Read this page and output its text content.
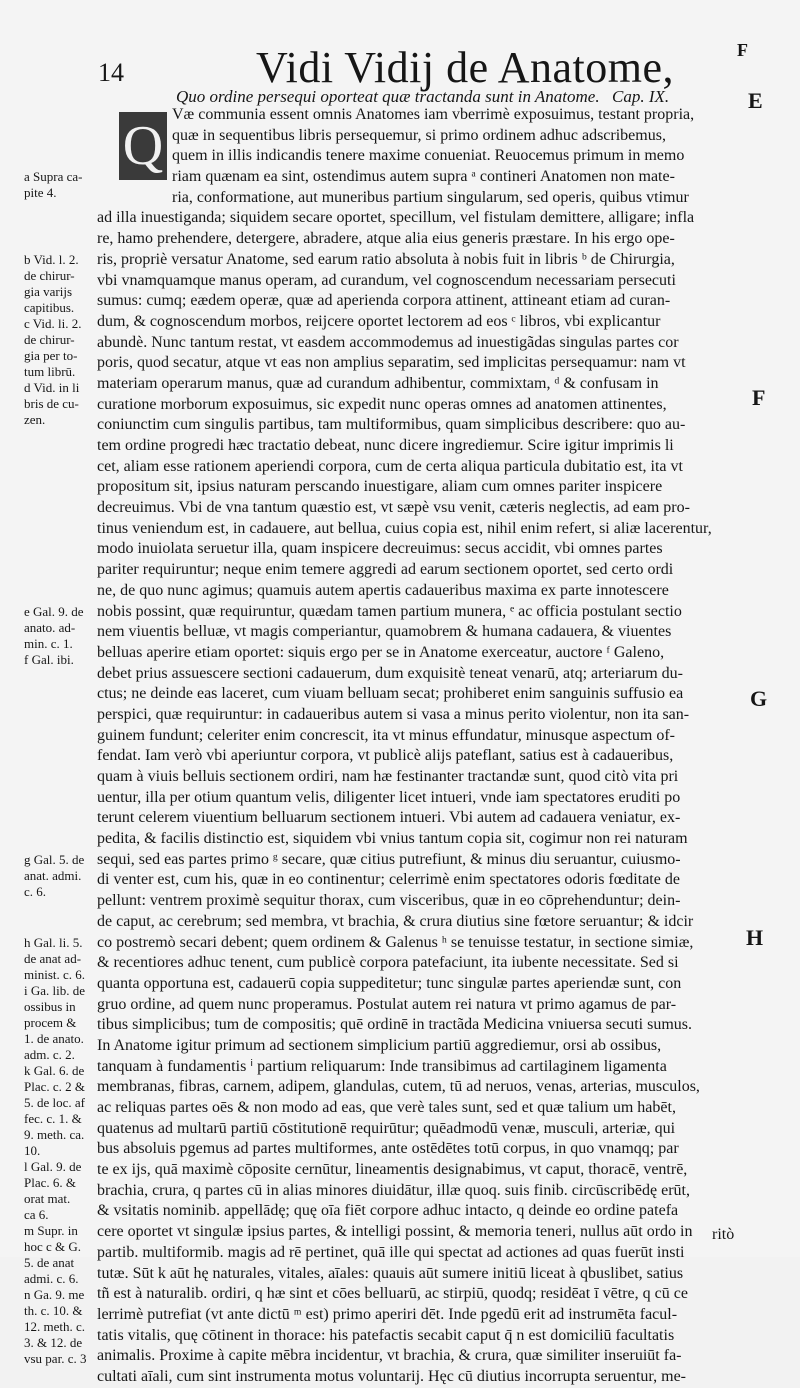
14	Vidi Vidij de Anatome,	F
E
F
G
H
Quo ordine persequi oporteat quæ tractanda sunt in Anatome. Cap. IX.
Q
Væ communia essent omnis Anatomes iam vberrimè exposuimus, testant propria,
quæ in sequentibus libris persequemur, si primo ordinem adhuc adscribemus,
quem in illis indicandis tenere maxime conueniat. Reuocemus primum in memo
riam quænam ea sint, ostendimus autem supra ᵃ contineri Anatomen non mate-
ria, conformatione, aut muneribus partium singularum, sed operis, quibus vtimur
ad illa inuestiganda; siquidem secare oportet, specillum, vel fistulam demittere, alligare; infla
re, hamo prehendere, detergere, abradere, atque alia eius generis præstare. In his ergo ope-
ris, propriè versatur Anatome, sed earum ratio absoluta à nobis fuit in libris ᵇ de Chirurgia,
vbi vnamquamque manus operam, ad curandum, vel cognoscendum necessariam persecuti
sumus: cumq; eædem operæ, quæ ad aperienda corpora attinent, attineant etiam ad curan-
dum, & cognoscendum morbos, reijcere oportet lectorem ad eos ᶜ libros, vbi explicantur
abundè. Nunc tantum restat, vt easdem accommodemus ad inuestigãdas singulas partes cor
poris, quod secatur, atque vt eas non amplius separatim, sed implicitas persequamur: nam vt
materiam operarum manus, quæ ad curandum adhibentur, commixtam, ᵈ & confusam in
curatione morborum exposuimus, sic expedit nunc operas omnes ad anatomen attinentes,
coniunctim cum singulis partibus, tam multiformibus, quam simplicibus describere: quo au-
tem ordine progredi hæc tractatio debeat, nunc dicere ingrediemur. Scire igitur imprimis li
cet, aliam esse rationem aperiendi corpora, cum de certa aliqua particula dubitatio est, ita vt
propositum sit, ipsius naturam perscando inuestigare, aliam cum omnes pariter inspicere
decreuimus. Vbi de vna tantum quæstio est, vt sæpè vsu venit, cæteris neglectis, ad eam pro-
tinus veniendum est, in cadauere, aut bellua, cuius copia est, nihil enim refert, si aliæ lacerentur,
modo inuiolata seruetur illa, quam inspicere decreuimus: secus accidit, vbi omnes partes
pariter requiruntur; neque enim temere aggredi ad earum sectionem oportet, sed certo ordi
ne, de quo nunc agimus; quamuis autem apertis cadaueribus maxima ex parte innotescere
nobis possint, quæ requiruntur, quædam tamen partium munera, ᵉ ac officia postulant sectio
nem viuentis belluæ, vt magis comperiantur, quamobrem & humana cadauera, & viuentes
belluas aperire etiam oportet: siquis ergo per se in Anatome exerceatur, auctore ᶠ Galeno,
debet prius assuescere sectioni cadauerum, dum exquisitè teneat venarū, atq; arteriarum du-
ctus; ne deinde eas laceret, cum viuam belluam secat; prohiberet enim sanguinis suffusio ea
perspici, quæ requiruntur: in cadaueribus autem si vasa a minus perito violentur, non ita san-
guinem fundunt; celeriter enim concrescit, ita vt minus effundatur, minusque aspectum of-
fendat. Iam verò vbi aperiuntur corpora, vt publicè alijs pateflant, satius est à cadaueribus,
quam à viuis belluis sectionem ordiri, nam hæ festinanter tractandæ sunt, quod citò vita pri
uentur, illa per otium quantum velis, diligenter licet intueri, vnde iam spectatores eruditi po
terunt celerem viuentium belluarum sectionem intueri. Vbi autem ad cadauera veniatur, ex-
pedita, & facilis distinctio est, siquidem vbi vnius tantum copia sit, cogimur non rei naturam
sequi, sed eas partes primo ᵍ secare, quæ citius putrefiunt, & minus diu seruantur, cuiusmo-
di venter est, cum his, quæ in eo continentur; celerrimè enim spectatores odoris fœditate de
pellunt: ventrem proximè sequitur thorax, cum visceribus, quæ in eo cōprehenduntur; dein-
de caput, ac cerebrum; sed membra, vt brachia, & crura diutius sine fœtore seruantur; & idcir
co postremò secari debent; quem ordinem & Galenus ʰ se tenuisse testatur, in sectione simiæ,
& recentiores adhuc tenent, cum publicè corpora patefaciunt, ita iubente necessitate. Sed si
quanta opportuna est, cadauerū copia suppeditetur; tunc singulæ partes aperiendæ sunt, con
gruo ordine, ad quem nunc properamus. Postulat autem rei natura vt primo agamus de par-
tibus simplicibus; tum de compositis; quē ordinē in tractãda Medicina vniuersa secuti sumus.
In Anatome igitur primum ad sectionem simplicium partiū aggrediemur, orsi ab ossibus,
tanquam à fundamentis ⁱ partium reliquarum: Inde transibimus ad cartilaginem ligamenta
membranas, fibras, carnem, adipem, glandulas, cutem, tū ad neruos, venas, arterias, musculos,
ac reliquas partes oēs & non modo ad eas, que verè tales sunt, sed et quæ talium um habēt,
quatenus ad multarū partiū cōstitutionē requirūtur; quēadmodū venæ, musculi, arteriæ, qui
bus absoluis pgemus ad partes multiformes, ante ostēdētes totū corpus, in quo vnamqq; par
te ex ijs, quā maximè cōposite cernūtur, lineamentis designabimus, vt caput, thoracē, ventrē,
brachia, crura, q partes cū in alias minores diuidātur, illæ quoq. suis finib. circūscribēdę erūt,
& vsitatis nominib. appellādę; quę oīa fiēt corpore adhuc intacto, q deinde eo ordine patefa
cere oportet vt singulæ ipsius partes, & intelligi possint, & memoria teneri, nullus aūt ordo in
partib. multiformib. magis ad rē pertinet, quā ille qui spectat ad actiones ad quas fuerūt insti
tutæ. Sūt k aūt hę naturales, vitales, aīales: quauis aūt sumere initiū liceat à qbuslibet, satius
tñ est à naturalib. ordiri, q hæ sint et cōes belluarū, ac stirpiū, quodq; residēat ī vētre, q cū ce
lerrimè putrefiat (vt ante dictū ᵐ est) primo aperiri dēt. Inde pgedū erit ad instrumēta facul-
tatis vitalis, quę cōtinent in thorace: his patefactis secabit caput q̄ n est domiciliū facultatis
animalis. Proxime à capite mēbra incidentur, vt brachia, & crura, quæ similiter inseruiūt fa-
cultati aīali, cum sint instrumenta motus voluntarij. Hęc cū diutius incorrupta seruentur, me-
a Supra ca-
pite 4.
b Vid. l. 2.
de chirur-
gia varijs
capitibus.
c Vid. li. 2.
de chirur-
gia per to-
tum librū.
d Vid. in li
bris de cu-
zen.
e Gal. 9. de
anato. ad-
min. c. 1.
f Gal. ibi.
g Gal. 5. de
anat. admi.
c. 6.
h Gal. li. 5.
de anat ad-
minist. c. 6.
i Ga. lib. de
ossibus in
procem &
1. de anato.
adm. c. 2.
k Gal. 6. de
Plac. c. 2 &
5. de loc. af
fec. c. 1. &
9. meth. ca.
10.
l Gal. 9. de
Plac. 6. &
orat mat.
ca 6.
m Supr. in
hoc c & G.
5. de anat
admi. c. 6.
n Ga. 9. me
th. c. 10. &
12. meth. c.
3. & 12. de
vsu par. c. 3
ritò
